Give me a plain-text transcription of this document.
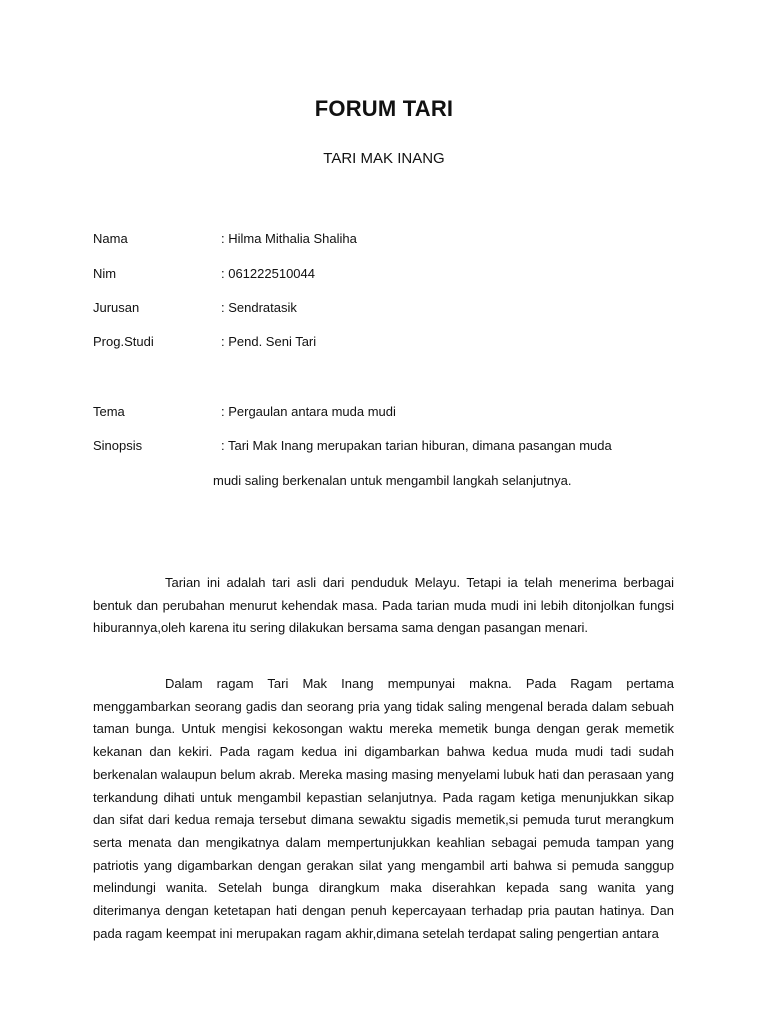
FORUM TARI
TARI MAK INANG
Nama	: Hilma Mithalia Shaliha
Nim	: 061222510044
Jurusan	: Sendratasik
Prog.Studi	: Pend. Seni Tari
Tema	: Pergaulan antara muda mudi
Sinopsis	: Tari Mak Inang merupakan tarian hiburan, dimana pasangan muda
mudi saling berkenalan untuk mengambil langkah selanjutnya.
Tarian ini adalah tari asli dari penduduk Melayu. Tetapi ia telah menerima berbagai bentuk dan perubahan menurut kehendak masa. Pada tarian muda mudi ini lebih ditonjolkan fungsi hiburannya,oleh karena itu sering dilakukan bersama sama dengan pasangan menari.
Dalam ragam Tari Mak Inang mempunyai makna. Pada Ragam pertama menggambarkan seorang gadis dan seorang pria yang tidak saling mengenal berada dalam sebuah taman bunga. Untuk mengisi kekosongan waktu mereka memetik bunga dengan gerak memetik kekanan dan kekiri. Pada ragam kedua ini digambarkan bahwa kedua muda mudi tadi sudah berkenalan walaupun belum akrab. Mereka masing masing menyelami lubuk hati dan perasaan yang terkandung dihati untuk mengambil kepastian selanjutnya. Pada ragam ketiga menunjukkan sikap dan sifat dari kedua remaja tersebut dimana sewaktu sigadis memetik,si pemuda turut merangkum serta menata dan mengikatnya dalam mempertunjukkan keahlian sebagai pemuda tampan yang patriotis yang digambarkan dengan gerakan silat yang mengambil arti bahwa si pemuda sanggup melindungi wanita. Setelah bunga dirangkum maka diserahkan kepada sang wanita yang diterimanya dengan ketetapan hati dengan penuh kepercayaan terhadap pria pautan hatinya. Dan pada ragam keempat ini merupakan ragam akhir,dimana setelah terdapat saling pengertian antara
